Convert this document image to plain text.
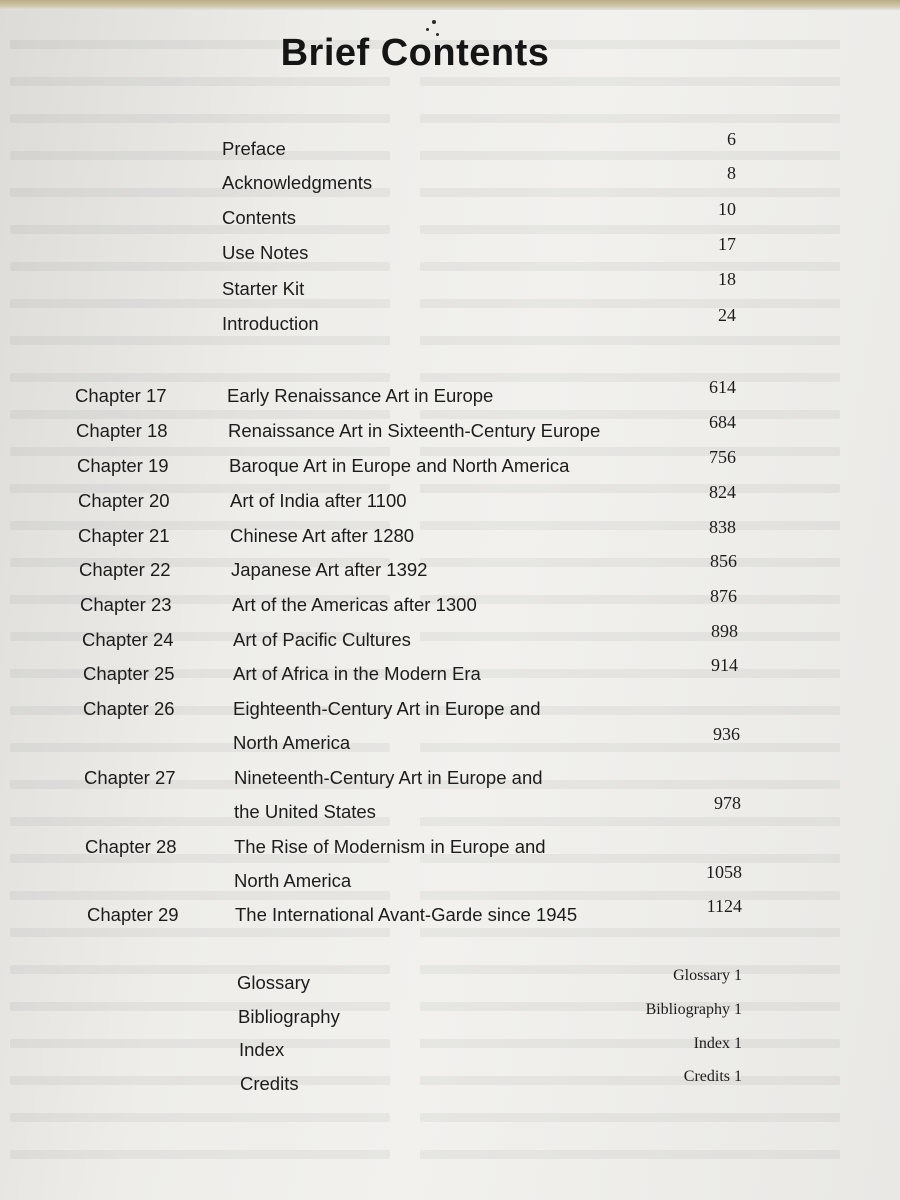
Brief Contents
Preface	6
Acknowledgments	8
Contents	10
Use Notes	17
Starter Kit	18
Introduction	24
Chapter 17	Early Renaissance Art in Europe	614
Chapter 18	Renaissance Art in Sixteenth-Century Europe	684
Chapter 19	Baroque Art in Europe and North America	756
Chapter 20	Art of India after 1100	824
Chapter 21	Chinese Art after 1280	838
Chapter 22	Japanese Art after 1392	856
Chapter 23	Art of the Americas after 1300	876
Chapter 24	Art of Pacific Cultures	898
Chapter 25	Art of Africa in the Modern Era	914
Chapter 26	Eighteenth-Century Art in Europe and
North America	936
Chapter 27	Nineteenth-Century Art in Europe and
the United States	978
Chapter 28	The Rise of Modernism in Europe and
North America	1058
Chapter 29	The International Avant-Garde since 1945	1124
Glossary	Glossary 1
Bibliography	Bibliography 1
Index	Index 1
Credits	Credits 1
